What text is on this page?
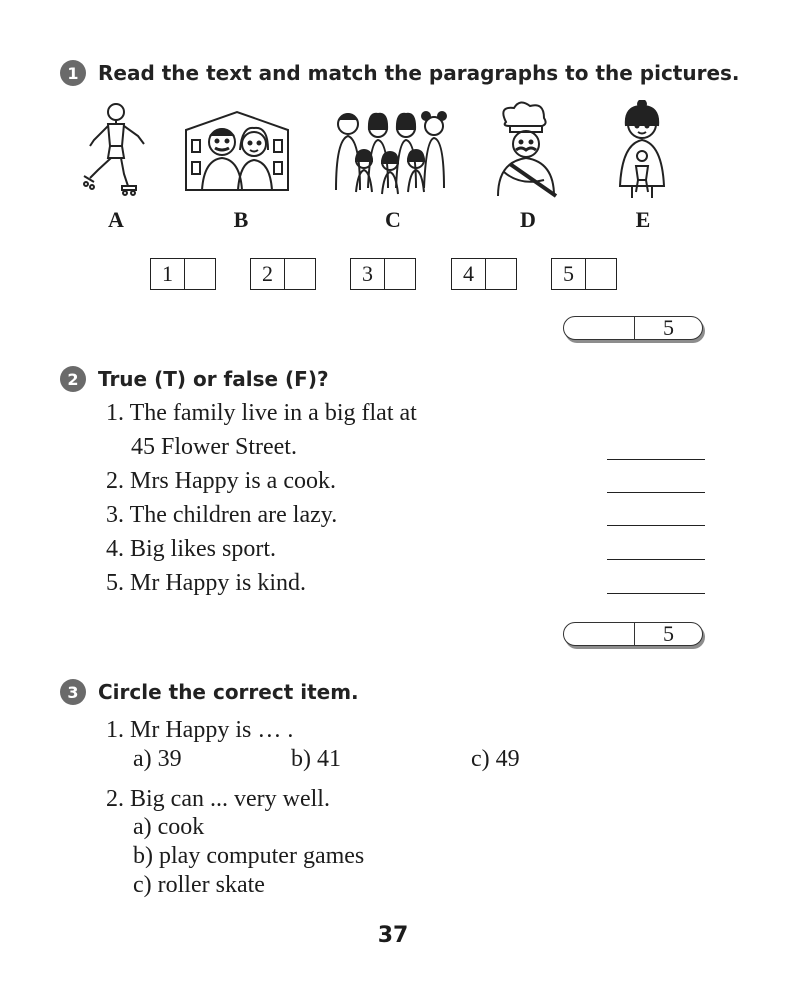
1 Read the text and match the paragraphs to the pictures.
A	B	C	D	E
1	2	3	4	5
5
2 True (T) or false (F)?
1. The family live in a big flat at
45 Flower Street.
2. Mrs Happy is a cook.
3. The children are lazy.
4. Big likes sport.
5. Mr Happy is kind.
5
3 Circle the correct item.
1. Mr Happy is … .
a) 39	b) 41	c) 49
2. Big can ... very well.
a) cook
b) play computer games
c) roller skate
37
